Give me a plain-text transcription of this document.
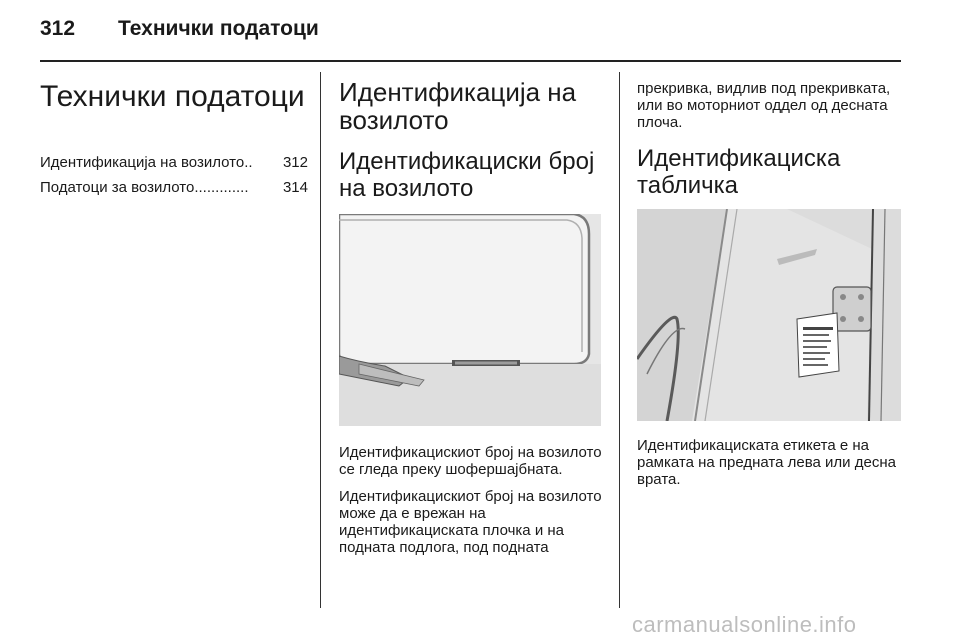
312 Технички податоци
Технички податоци
Идентификација на возилото ..	312
Податоци за возилото .............	314
Идентификација на возилото
Идентификациски број на возилото

Идентификацискиот број на возилото се гледа преку шофершајбната.

Идентификацискиот број на возилото може да е врежан на идентификациската плочка и на подната подлога, под подната

прекривка, видлив под прекривката, или во моторниот оддел од десната плоча.

Идентификациска табличка

Идентификациската етикета е на рамката на предната лева или десна врата.

carmanualsonline.info
